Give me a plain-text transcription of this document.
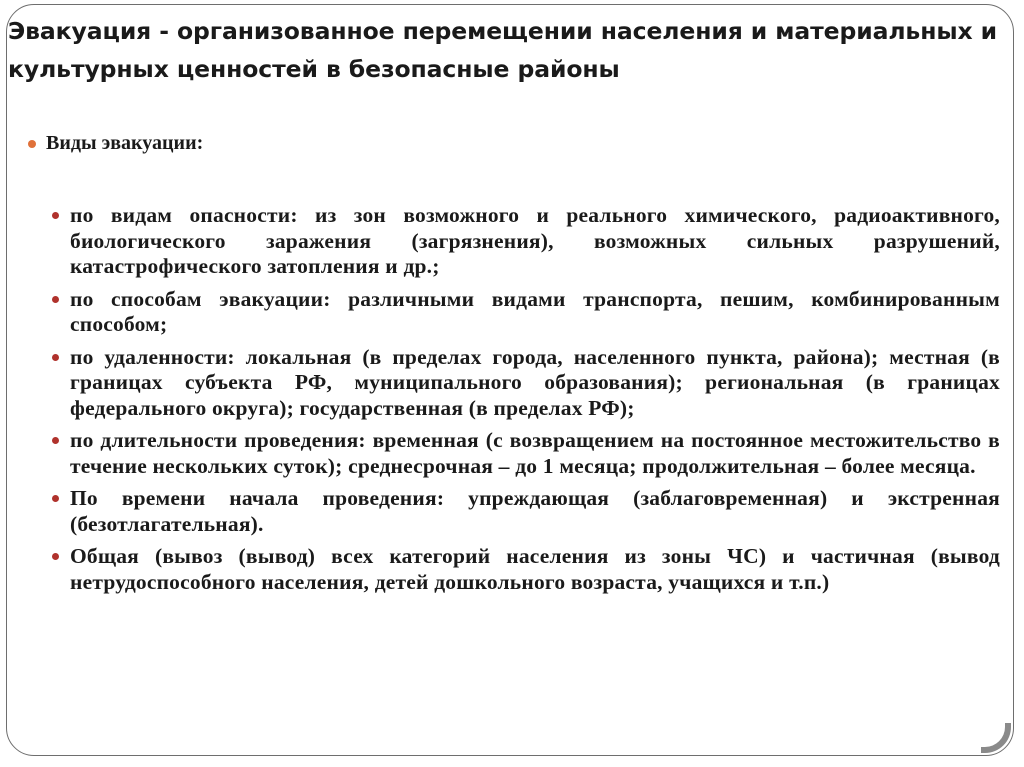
Эвакуация - организованное перемещении населения и материальных и культурных ценностей в безопасные районы
Виды эвакуации:
по видам опасности: из зон возможного и реального химического, радиоактивного, биологического заражения (загрязнения), возможных сильных разрушений, катастрофического затопления и др.;
по способам эвакуации: различными видами транспорта, пешим, комбинированным способом;
по удаленности: локальная (в пределах города, населенного пункта, района); местная (в границах субъекта РФ, муниципального образования); региональная (в границах федерального округа); государственная (в пределах РФ);
по длительности проведения: временная (с возвращением на постоянное местожительство в течение нескольких суток); среднесрочная – до 1 месяца; продолжительная – более месяца.
По времени начала проведения: упреждающая (заблаговременная) и экстренная (безотлагательная).
Общая (вывоз (вывод) всех категорий населения из зоны ЧС) и частичная (вывод нетрудоспособного населения, детей дошкольного возраста, учащихся и т.п.)
